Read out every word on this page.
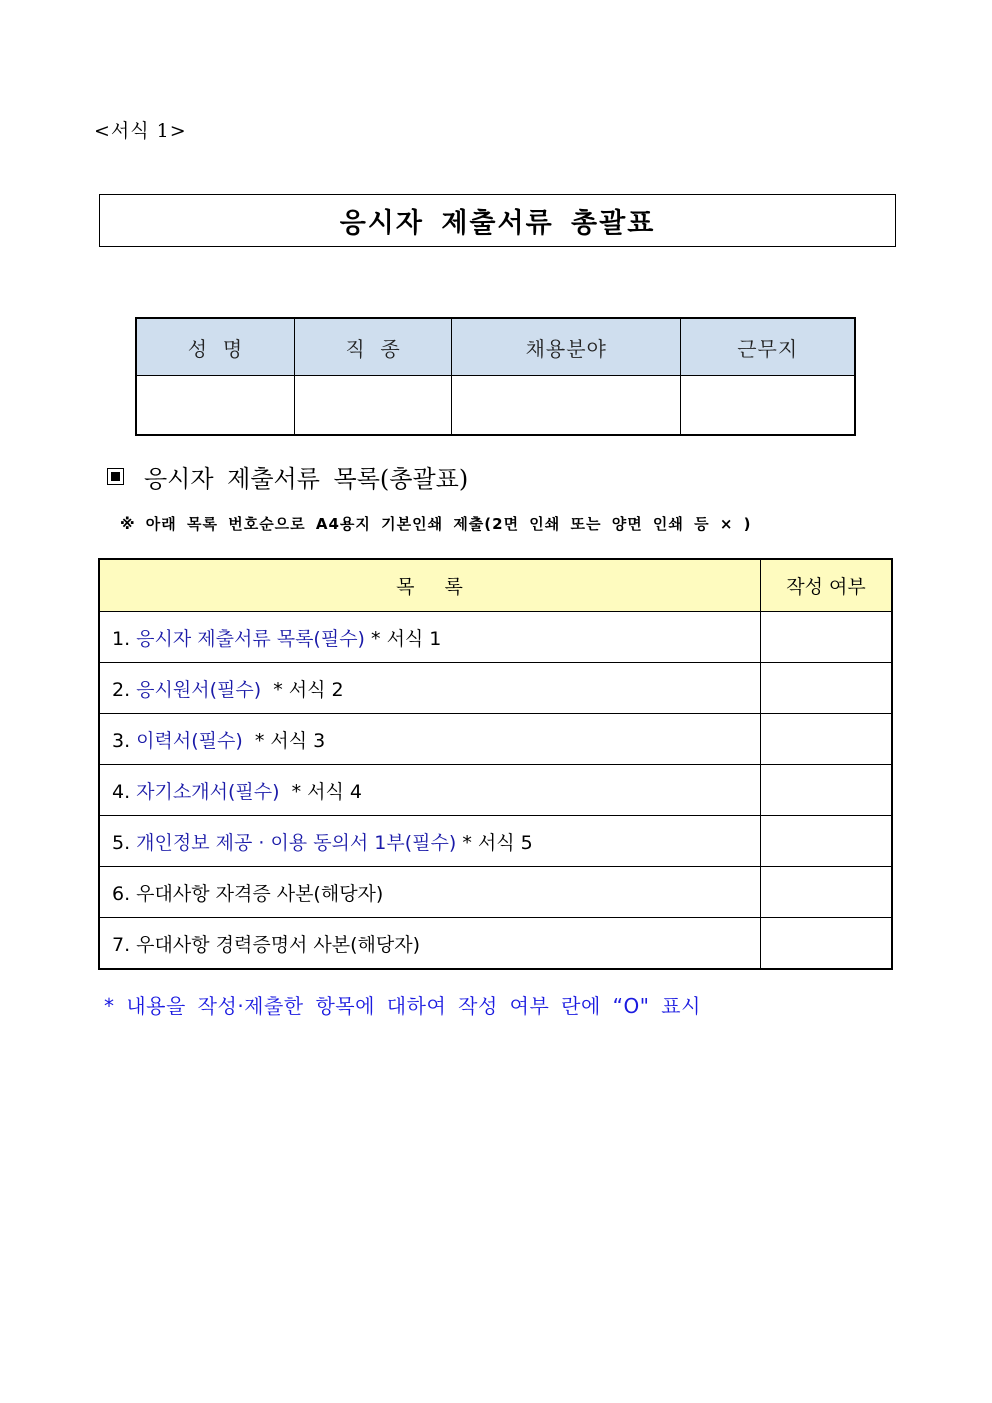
<서식 1>
응시자 제출서류 총괄표
성  명	직  종	채용분야	근무지

응시자 제출서류 목록(총괄표)
※ 아래 목록 번호순으로 A4용지 기본인쇄 제출(2면 인쇄 또는 양면 인쇄 등 × )
목 록	작성 여부
1. 응시자 제출서류 목록(필수) * 서식 1	
2. 응시원서(필수)  * 서식 2	
3. 이력서(필수)  * 서식 3	
4. 자기소개서(필수)  * 서식 4	
5. 개인정보 제공 · 이용 동의서 1부(필수) * 서식 5	
6. 우대사항 자격증 사본(해당자)	
7. 우대사항 경력증명서 사본(해당자)	
* 내용을 작성·제출한 항목에 대하여 작성 여부 란에 “O" 표시
